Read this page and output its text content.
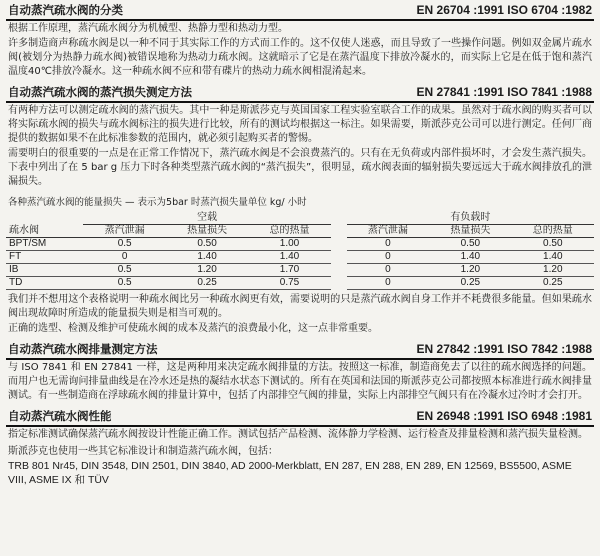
自动蒸汽疏水阀的分类	EN 26704 :1991 ISO 6704 :1982

根据工作原理，蒸汽疏水阀分为机械型、热静力型和热动力型。

许多制造商声称疏水阀是以一种不同于其实际工作的方式而工作的。这不仅使人迷惑，而且导致了一些操作问题。例如双金属片疏水阀(被划分为热静力疏水阀)被错误地称为热动力疏水阀。这就暗示了它是在蒸汽温度下排放冷凝水的，而实际上它是在低于饱和蒸汽温度40℃排放冷凝水。这一种疏水阀不应和带有碟片的热动力疏水阀相混淆起来。

自动蒸汽疏水阀的蒸汽损失测定方法	EN 27841 :1991 ISO 7841 :1988

有两种方法可以测定疏水阀的蒸汽损失。其中一种是斯派莎克与英国国家工程实验室联合工作的成果。虽然对于疏水阀的购买者可以将实际疏水阀的损失与疏水阀标注的损失进行比较，所有的测试均根据这一标注。如果需要，斯派莎克公司可以进行测定。任何厂商提供的数据如果不在此标准参数的范围内，就必须引起购买者的警惕。

需要明白的很重要的一点是在正常工作情况下，蒸汽疏水阀是不会浪费蒸汽的。只有在无负荷或内部件损坏时，才会发生蒸汽损失。下表中列出了在 5 bar g 压力下时各种类型蒸汽疏水阀的“蒸汽损失”，很明显，疏水阀表面的辐射损失要远远大于疏水阀排放孔的泄漏损失。

各种蒸汽疏水阀的能量损失 — 表示为5bar 时蒸汽损失量单位 kg/ 小时
	空载				有负载时		
疏水阀	蒸汽泄漏	热量损失	总的热量		蒸汽泄漏	热量损失	总的热量
BPT/SM	0.5	0.50	1.00		0	0.50	0.50
FT	0	1.40	1.40		0	1.40	1.40
IB	0.5	1.20	1.70		0	1.20	1.20
TD	0.5	0.25	0.75		0	0.25	0.25

我们并不想用这个表格说明一种疏水阀比另一种疏水阀更有效，需要说明的只是蒸汽疏水阀自身工作并不耗费很多能量。但如果疏水阀出现故障时所造成的能量损失则是相当可观的。

正确的选型、检测及维护可使疏水阀的成本及蒸汽的浪费最小化，这一点非常重要。

自动蒸汽疏水阀排量测定方法	EN 27842 :1991 ISO 7842 :1988

与 ISO 7841 和 EN 27841 一样，这是两种用来决定疏水阀排量的方法。按照这一标准，制造商免去了以往的疏水阀选择的问题。而用户也无需询问排量曲线是在冷水还是热的凝结水状态下测试的。所有在英国和法国的斯派莎克公司都按照本标准进行疏水阀排量测试。有一些制造商在浮球疏水阀的排量计算中，包括了内部排空气阀的排量，实际上内部排空气阀只有在冷凝水过冷时才会打开。

自动蒸汽疏水阀性能	EN 26948 :1991 ISO 6948 :1981

指定标准测试确保蒸汽疏水阀按设计性能正确工作。测试包括产品检测、流体静力学检测、运行检查及排量检测和蒸汽损失量检测。

斯派莎克也使用一些其它标准设计和制造蒸汽疏水阀，包括：

TRB 801 Nr45, DIN 3548, DIN 2501, DIN 3840, AD 2000-Merkblatt, EN 287, EN 288, EN 289, EN 12569, BS5500, ASME VIII, ASME IX 和 TÜV
